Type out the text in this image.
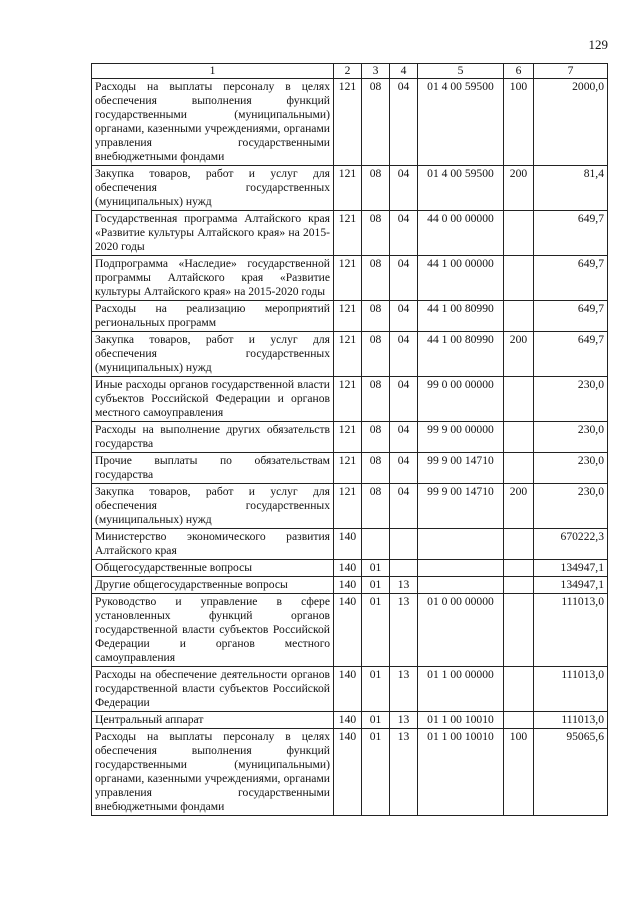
129
1	2	3	4	5	6	7
Расходы на выплаты персоналу в целях обеспечения выполнения функций государственными (муниципальными) органами, казенными учреждениями, органами управления государственными внебюджетными фондами	121	08	04	01 4 00 59500	100	2000,0
Закупка товаров, работ и услуг для обеспечения государственных (муниципальных) нужд	121	08	04	01 4 00 59500	200	81,4
Государственная программа Алтайского края «Развитие культуры Алтайского края» на 2015-2020 годы	121	08	04	44 0 00 00000		649,7
Подпрограмма «Наследие» государственной программы Алтайского края «Развитие культуры Алтайского края» на 2015-2020 годы	121	08	04	44 1 00 00000		649,7
Расходы на реализацию мероприятий региональных программ	121	08	04	44 1 00 80990		649,7
Закупка товаров, работ и услуг для обеспечения государственных (муниципальных) нужд	121	08	04	44 1 00 80990	200	649,7
Иные расходы органов государственной власти субъектов Российской Федерации и органов местного самоуправления	121	08	04	99 0 00 00000		230,0
Расходы на выполнение других обязательств государства	121	08	04	99 9 00 00000		230,0
Прочие выплаты по обязательствам государства	121	08	04	99 9 00 14710		230,0
Закупка товаров, работ и услуг для обеспечения государственных (муниципальных) нужд	121	08	04	99 9 00 14710	200	230,0
Министерство экономического развития Алтайского края	140					670222,3
Общегосударственные вопросы	140	01				134947,1
Другие общегосударственные вопросы	140	01	13			134947,1
Руководство и управление в сфере установленных функций органов государственной власти субъектов Российской Федерации и органов местного самоуправления	140	01	13	01 0 00 00000		111013,0
Расходы на обеспечение деятельности органов государственной власти субъектов Российской Федерации	140	01	13	01 1 00 00000		111013,0
Центральный аппарат	140	01	13	01 1 00 10010		111013,0
Расходы на выплаты персоналу в целях обеспечения выполнения функций государственными (муниципальными) органами, казенными учреждениями, органами управления государственными внебюджетными фондами	140	01	13	01 1 00 10010	100	95065,6
